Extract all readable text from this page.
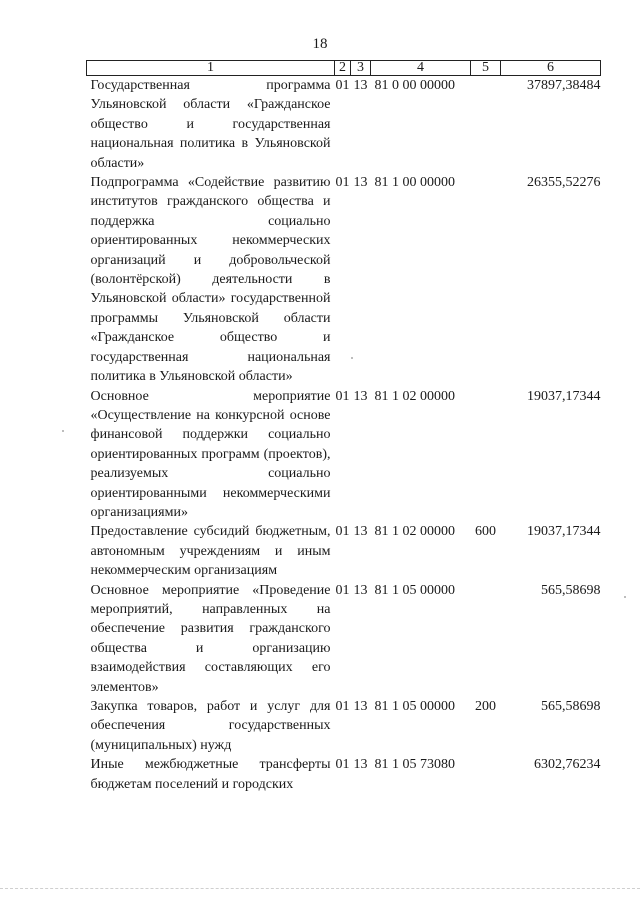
18
1	2	3	4	5	6
Государственная программа Ульяновской области «Гражданское общество и государственная национальная политика в Ульяновской области»	01	13	81 0 00 00000		37897,38484
Подпрограмма «Содействие развитию институтов гражданского общества и поддержка социально ориентированных некоммерческих организаций и добровольческой (волонтёрской) деятельности в Ульяновской области» государственной программы Ульяновской области «Гражданское общество и государственная национальная политика в Ульяновской области»	01	13	81 1 00 00000		26355,52276
Основное мероприятие «Осуществление на конкурсной основе финансовой поддержки социально ориентированных программ (проектов), реализуемых социально ориентированными некоммерческими организациями»	01	13	81 1 02 00000		19037,17344
Предоставление субсидий бюджетным, автономным учреждениям и иным некоммерческим организациям	01	13	81 1 02 00000	600	19037,17344
Основное мероприятие «Проведение мероприятий, направленных на обеспечение развития гражданского общества и организацию взаимодействия составляющих его элементов»	01	13	81 1 05 00000		565,58698
Закупка товаров, работ и услуг для обеспечения государственных (муниципальных) нужд	01	13	81 1 05 00000	200	565,58698
Иные межбюджетные трансферты бюджетам поселений и городских	01	13	81 1 05 73080		6302,76234
